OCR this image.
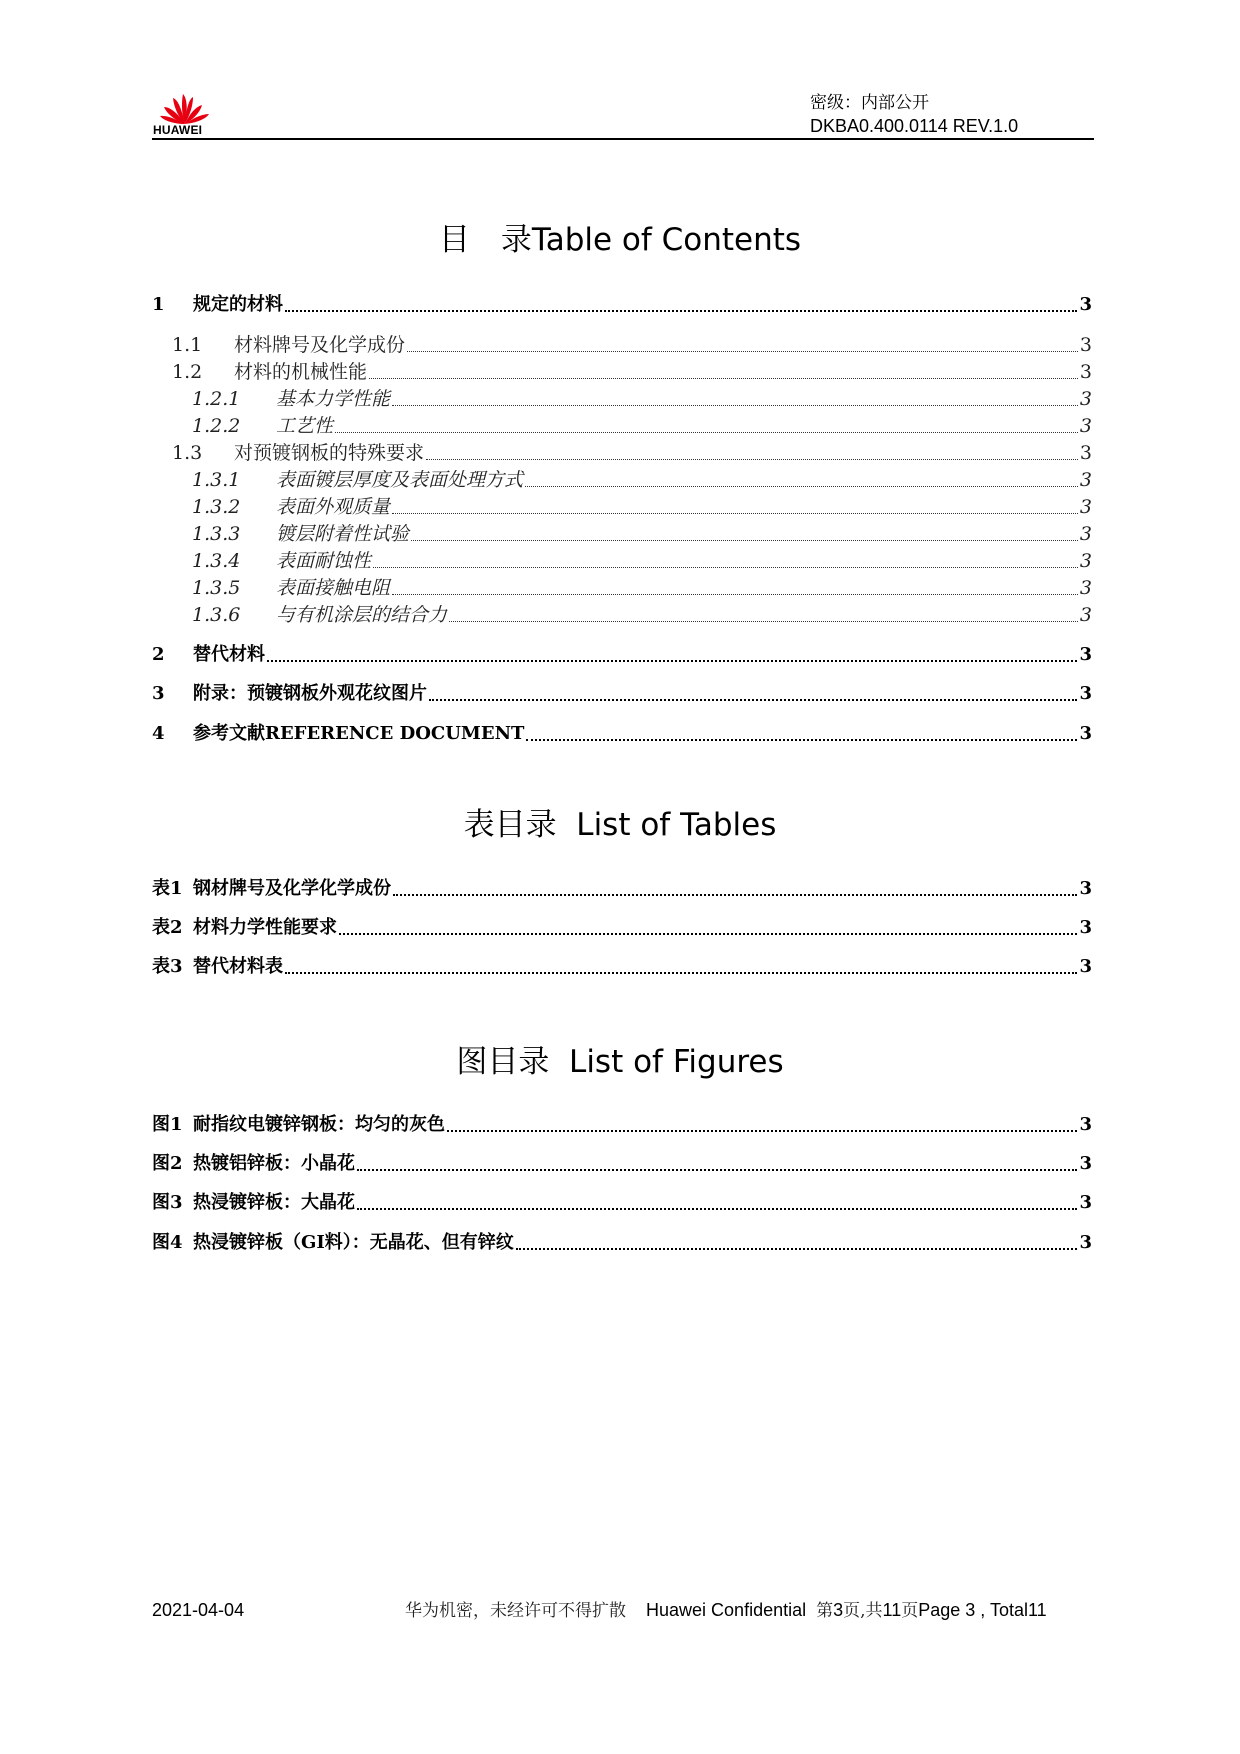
HUAWEI
密级：内部公开
DKBA0.400.0114 REV.1.0
目　录Table of Contents
表目录  List of Tables
图目录  List of Figures
2021-04-04	华为机密，未经许可不得扩散 Huawei Confidential 第3页,共11页Page 3 , Total11
1	规定的材料	3
1.1	材料牌号及化学成份	3
1.2	材料的机械性能	3
1.2.1	基本力学性能	3
1.2.2	工艺性	3
1.3	对预镀钢板的特殊要求	3
1.3.1	表面镀层厚度及表面处理方式	3
1.3.2	表面外观质量	3
1.3.3	镀层附着性试验	3
1.3.4	表面耐蚀性	3
1.3.5	表面接触电阻	3
1.3.6	与有机涂层的结合力	3
2	替代材料	3
3	附录：预镀钢板外观花纹图片	3
4	参考文献REFERENCE DOCUMENT	3
表1 钢材牌号及化学化学成份	3
表2 材料力学性能要求	3
表3 替代材料表	3
图1 耐指纹电镀锌钢板：均匀的灰色	3
图2 热镀铝锌板：小晶花	3
图3 热浸镀锌板：大晶花	3
图4 热浸镀锌板（GI料）：无晶花、但有锌纹	3
